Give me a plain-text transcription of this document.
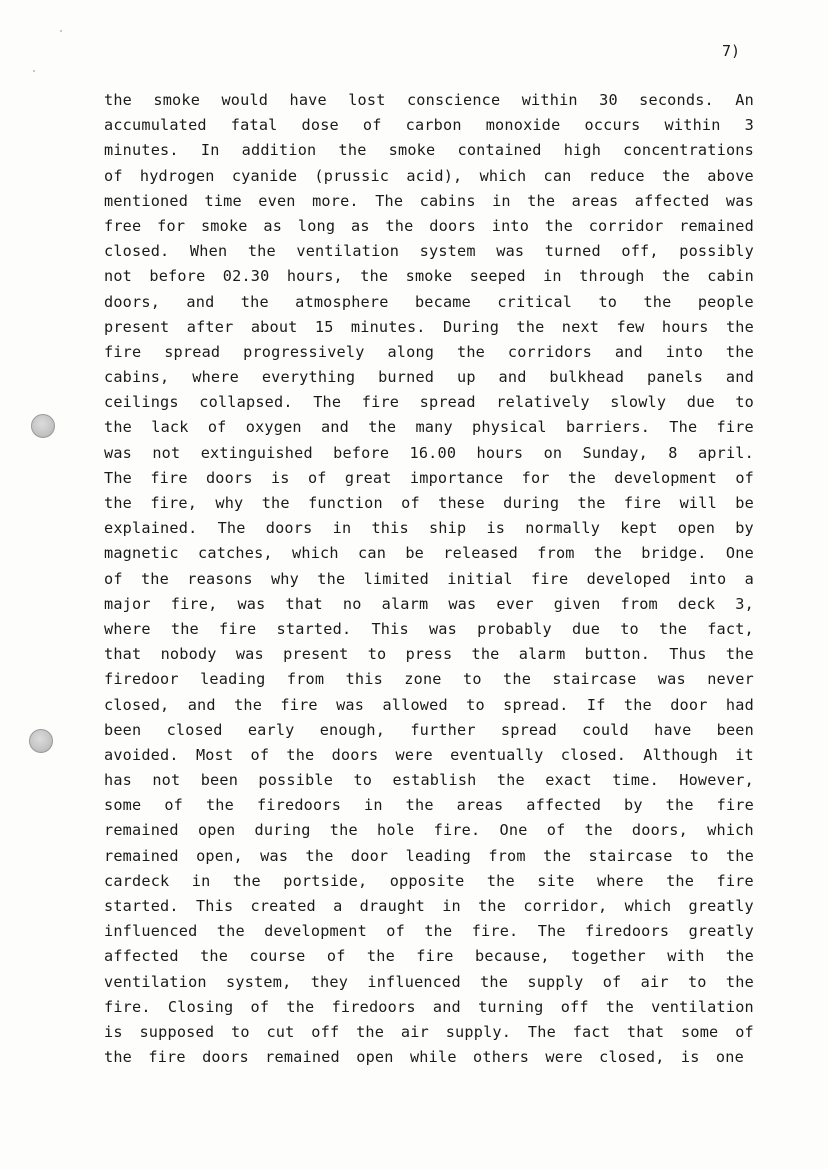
7)
the smoke would have lost conscience within 30 seconds. An
accumulated fatal dose of carbon monoxide occurs within 3
minutes. In addition the smoke contained high concentrations
of hydrogen cyanide (prussic acid), which can reduce the above
mentioned time even more. The cabins in the areas affected was
free for smoke as long as the doors into the corridor remained
closed. When the ventilation system was turned off, possibly
not before 02.30 hours, the smoke seeped in through the cabin
doors, and the atmosphere became critical to the people
present after about 15 minutes. During the next few hours the
fire spread progressively along the corridors and into the
cabins, where everything burned up and bulkhead panels and
ceilings collapsed. The fire spread relatively slowly due to
the lack of oxygen and the many physical barriers. The fire
was not extinguished before 16.00 hours on Sunday, 8 april.
The fire doors is of great importance for the development of
the fire, why the function of these during the fire will be
explained. The doors in this ship is normally kept open by
magnetic catches, which can be released from the bridge. One
of the reasons why the limited initial fire developed into a
major fire, was that no alarm was ever given from deck 3,
where the fire started. This was probably due to the fact,
that nobody was present to press the alarm button. Thus the
firedoor leading from this zone to the staircase was never
closed, and the fire was allowed to spread. If the door had
been closed early enough, further spread could have been
avoided. Most of the doors were eventually closed. Although it
has not been possible to establish the exact time. However,
some of the firedoors in the areas affected by the fire
remained open during the hole fire. One of the doors, which
remained open, was the door leading from the staircase to the
cardeck in the portside, opposite the site where the fire
started. This created a draught in the corridor, which greatly
influenced the development of the fire. The firedoors greatly
affected the course of the fire because, together with the
ventilation system, they influenced the supply of air to the
fire. Closing of the firedoors and turning off the ventilation
is supposed to cut off the air supply. The fact that some of
the fire doors remained open while others were closed, is one
